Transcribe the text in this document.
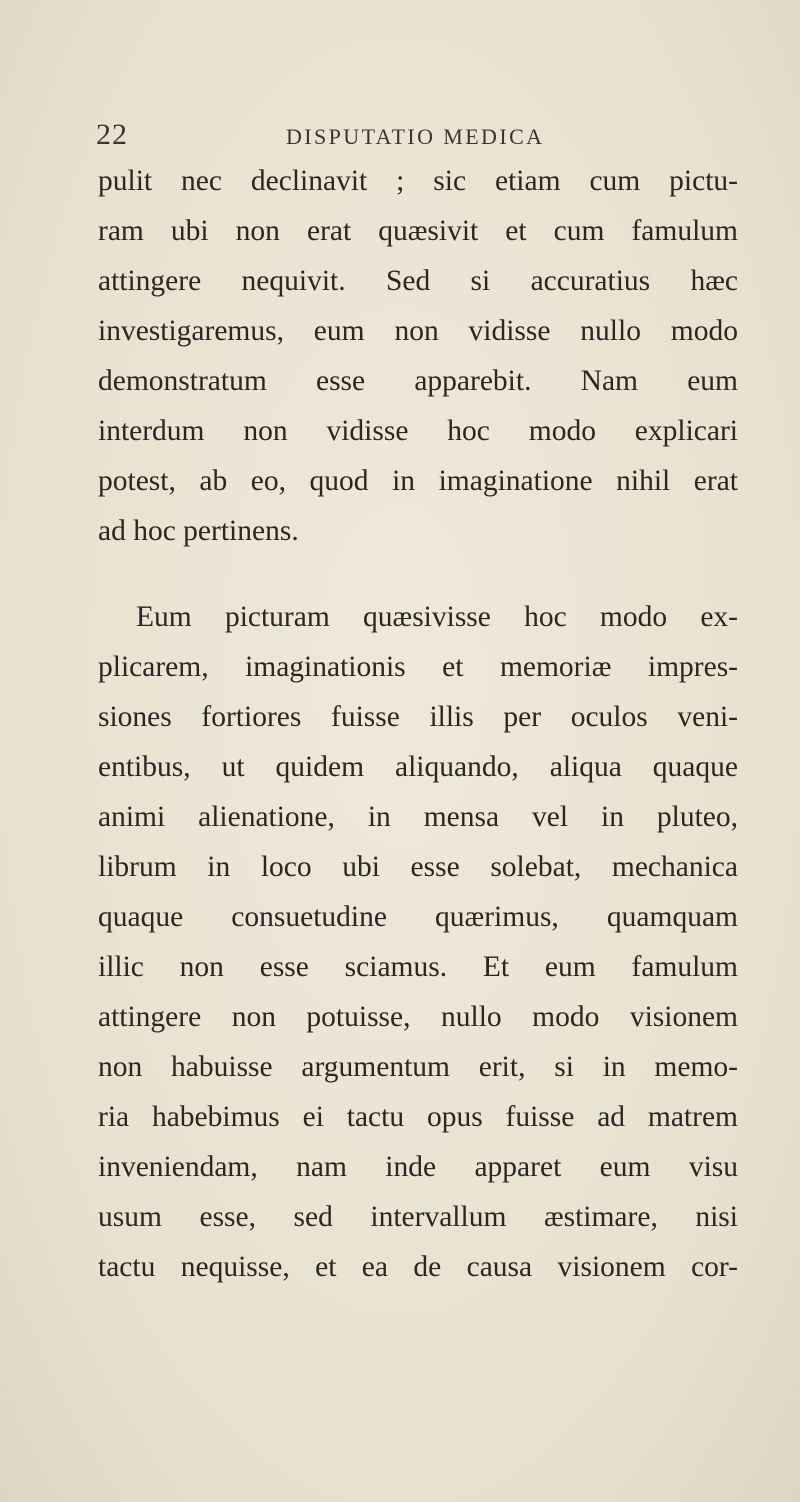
22	DISPUTATIO MEDICA
pulit nec declinavit ; sic etiam cum pictu-
ram ubi non erat quæsivit et cum famulum
attingere nequivit. Sed si accuratius hæc
investigaremus, eum non vidisse nullo modo
demonstratum esse apparebit. Nam eum
interdum non vidisse hoc modo explicari
potest, ab eo, quod in imaginatione nihil erat
ad hoc pertinens.
Eum picturam quæsivisse hoc modo ex-
plicarem, imaginationis et memoriæ impres-
siones fortiores fuisse illis per oculos veni-
entibus, ut quidem aliquando, aliqua quaque
animi alienatione, in mensa vel in pluteo,
librum in loco ubi esse solebat, mechanica
quaque consuetudine quærimus, quamquam
illic non esse sciamus. Et eum famulum
attingere non potuisse, nullo modo visionem
non habuisse argumentum erit, si in memo-
ria habebimus ei tactu opus fuisse ad matrem
inveniendam, nam inde apparet eum visu
usum esse, sed intervallum æstimare, nisi
tactu nequisse, et ea de causa visionem cor-
